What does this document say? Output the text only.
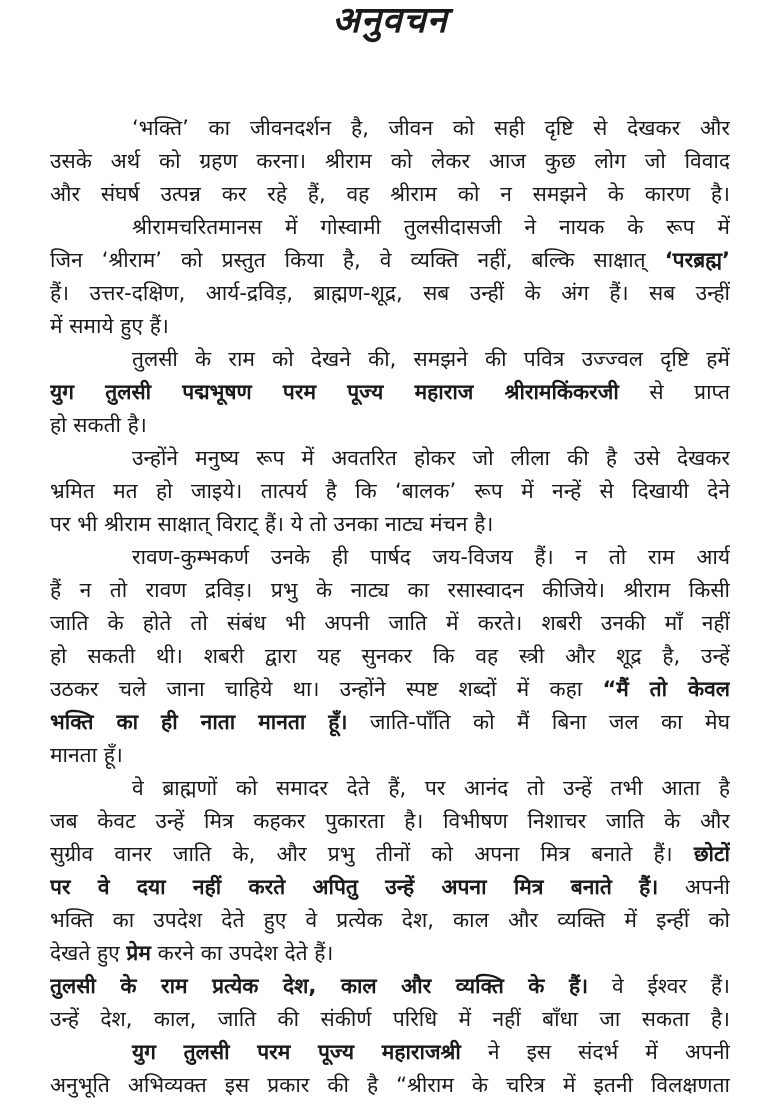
अनुवचन
‘भक्ति’ का जीवनदर्शन है, जीवन को सही दृष्टि से देखकर और
उसके अर्थ को ग्रहण करना। श्रीराम को लेकर आज कुछ लोग जो विवाद
और संघर्ष उत्पन्न कर रहे हैं, वह श्रीराम को न समझने के कारण है।
श्रीरामचरितमानस में गोस्वामी तुलसीदासजी ने नायक के रूप में
जिन ‘श्रीराम’ को प्रस्तुत किया है, वे व्यक्ति नहीं, बल्कि साक्षात् ‘परब्रह्म’
हैं। उत्तर-दक्षिण, आर्य-द्रविड़, ब्राह्मण-शूद्र, सब उन्हीं के अंग हैं। सब उन्हीं
में समाये हुए हैं।
तुलसी के राम को देखने की, समझने की पवित्र उज्ज्वल दृष्टि हमें
युग तुलसी पद्मभूषण परम पूज्य महाराज श्रीरामकिंकरजी से प्राप्त
हो सकती है।
उन्होंने मनुष्य रूप में अवतरित होकर जो लीला की है उसे देखकर
भ्रमित मत हो जाइये। तात्पर्य है कि ‘बालक’ रूप में नन्हें से दिखायी देने
पर भी श्रीराम साक्षात् विराट् हैं। ये तो उनका नाट्य मंचन है।
रावण-कुम्भकर्ण उनके ही पार्षद जय-विजय हैं। न तो राम आर्य
हैं न तो रावण द्रविड़। प्रभु के नाट्य का रसास्वादन कीजिये। श्रीराम किसी
जाति के होते तो संबंध भी अपनी जाति में करते। शबरी उनकी माँ नहीं
हो सकती थी। शबरी द्वारा यह सुनकर कि वह स्त्री और शूद्र है, उन्हें
उठकर चले जाना चाहिये था। उन्होंने स्पष्ट शब्दों में कहा “मैं तो केवल
भक्ति का ही नाता मानता हूँ। जाति-पाँति को मैं बिना जल का मेघ
मानता हूँ।
वे ब्राह्मणों को समादर देते हैं, पर आनंद तो उन्हें तभी आता है
जब केवट उन्हें मित्र कहकर पुकारता है। विभीषण निशाचर जाति के और
सुग्रीव वानर जाति के, और प्रभु तीनों को अपना मित्र बनाते हैं। छोटों
पर वे दया नहीं करते अपितु उन्हें अपना मित्र बनाते हैं। अपनी
भक्ति का उपदेश देते हुए वे प्रत्येक देश, काल और व्यक्ति में इन्हीं को
देखते हुए प्रेम करने का उपदेश देते हैं।
तुलसी के राम प्रत्येक देश, काल और व्यक्ति के हैं। वे ईश्वर हैं।
उन्हें देश, काल, जाति की संकीर्ण परिधि में नहीं बाँधा जा सकता है।
युग तुलसी परम पूज्य महाराजश्री ने इस संदर्भ में अपनी
अनुभूति अभिव्यक्त इस प्रकार की है “श्रीराम के चरित्र में इतनी विलक्षणता
